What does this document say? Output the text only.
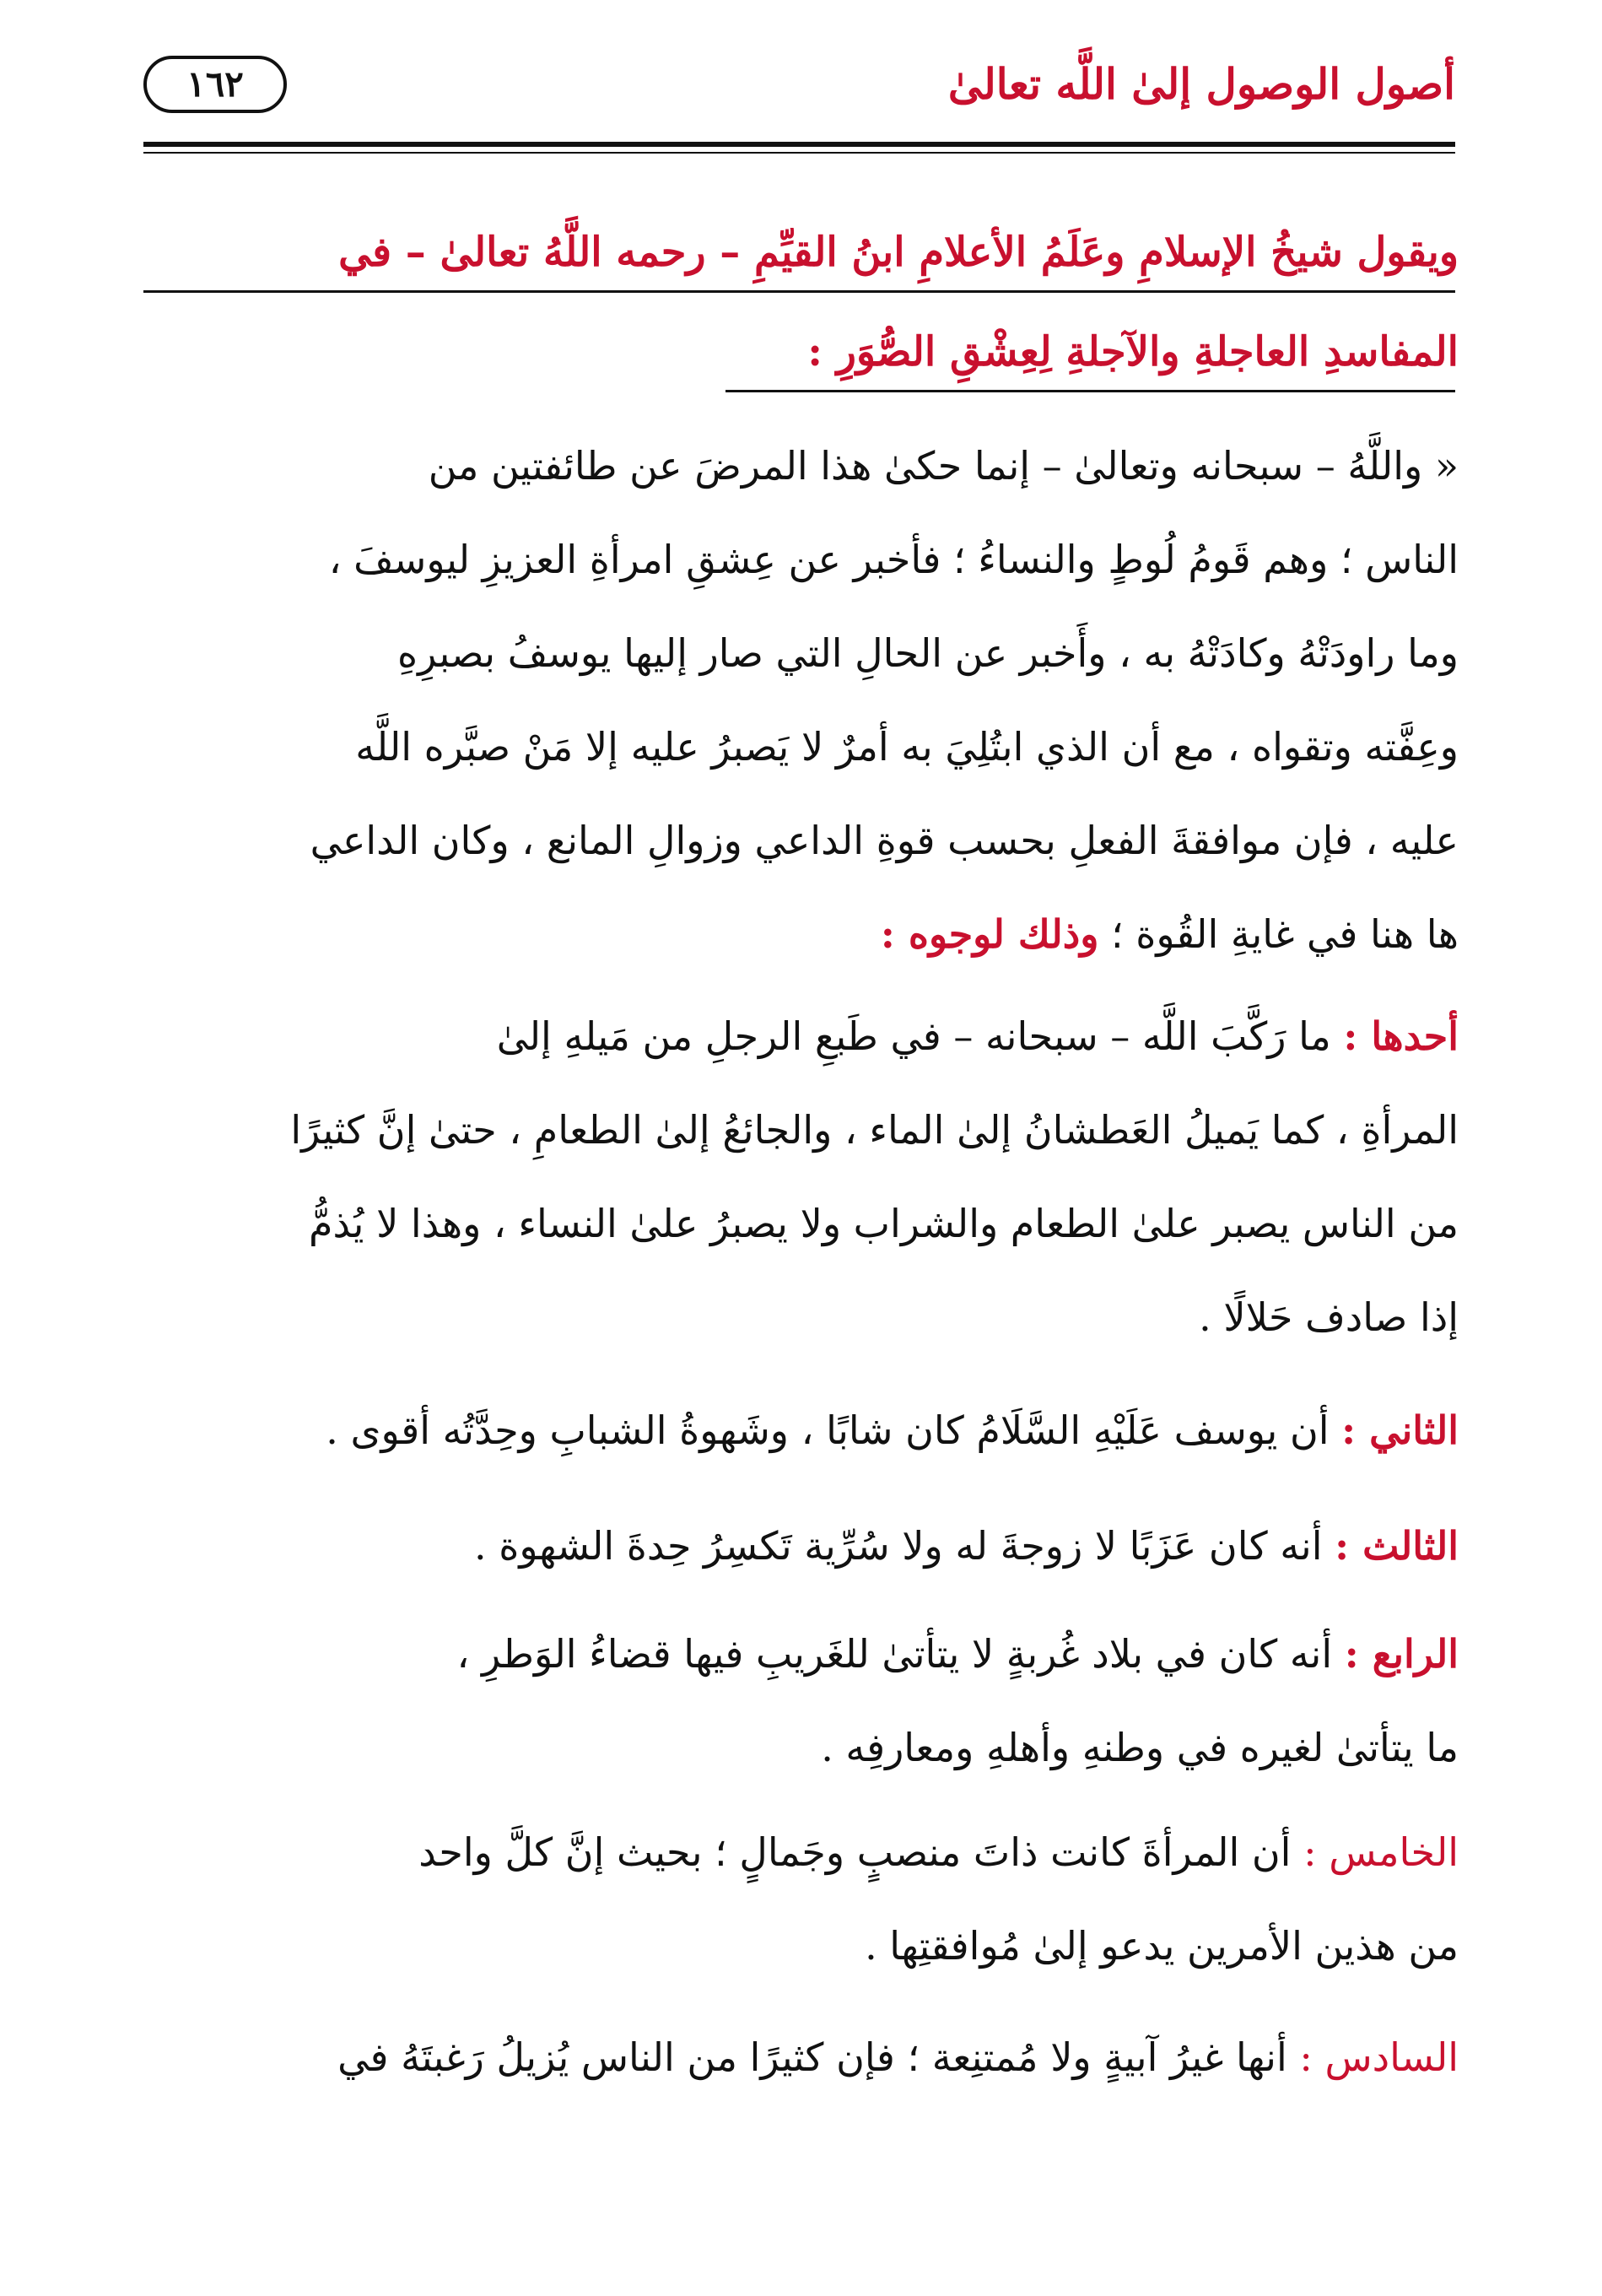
أصول الوصول إلىٰ اللَّه تعالىٰ
١٦٢
ويقول شيخُ الإسلامِ وعَلَمُ الأعلامِ ابنُ القيِّمِ – رحمه اللَّهُ تعالىٰ – في
المفاسدِ العاجلةِ والآجلةِ لِعِشْقِ الصُّوَرِ :

« واللَّهُ – سبحانه وتعالىٰ – إنما حكىٰ هذا المرضَ عن طائفتين من
الناس ؛ وهم قَومُ لُوطٍ والنساءُ ؛ فأخبر عن عِشقِ امرأةِ العزيزِ ليوسفَ ،
وما راودَتْهُ وكادَتْهُ به ، وأَخبر عن الحالِ التي صار إليها يوسفُ بصبرِهِ
وعِفَّته وتقواه ، مع أن الذي ابتُلِيَ به أمرٌ لا يَصبرُ عليه إلا مَنْ صبَّره اللَّه
عليه ، فإن موافقةَ الفعلِ بحسب قوةِ الداعي وزوالِ المانع ، وكان الداعي
ها هنا في غايةِ القُوة ؛ وذلك لوجوه :

أحدها : ما رَكَّبَ اللَّه – سبحانه – في طَبعِ الرجلِ من مَيلهِ إلىٰ
المرأةِ ، كما يَميلُ العَطشانُ إلىٰ الماء ، والجائعُ إلىٰ الطعامِ ، حتىٰ إنَّ كثيرًا
من الناس يصبر علىٰ الطعام والشراب ولا يصبرُ علىٰ النساء ، وهذا لا يُذمُّ
إذا صادف حَلالًا .

الثاني : أن يوسف عَلَيْهِ السَّلَامُ كان شابًا ، وشَهوةُ الشبابِ وحِدَّتُه أقوى .

الثالث : أنه كان عَزَبًا لا زوجةَ له ولا سُرِّية تَكسِرُ حِدةَ الشهوة .

الرابع : أنه كان في بلاد غُربةٍ لا يتأتىٰ للغَريبِ فيها قضاءُ الوَطرِ ،
ما يتأتىٰ لغيره في وطنهِ وأهلهِ ومعارفِه .

الخامس : أن المرأةَ كانت ذاتَ منصبٍ وجَمالٍ ؛ بحيث إنَّ كلَّ واحد
من هذين الأمرين يدعو إلىٰ مُوافقتِها .

السادس : أنها غيرُ آبيةٍ ولا مُمتنِعة ؛ فإن كثيرًا من الناس يُزيلُ رَغبتَهُ في
